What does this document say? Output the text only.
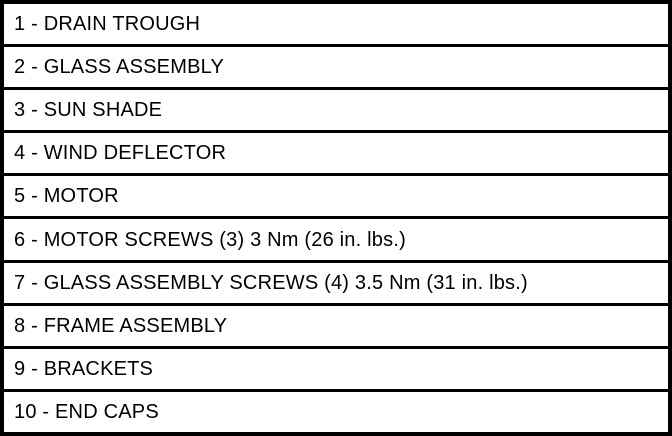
1 - DRAIN TROUGH
2 - GLASS ASSEMBLY
3 - SUN SHADE
4 - WIND DEFLECTOR
5 - MOTOR
6 - MOTOR SCREWS (3) 3 Nm (26 in. lbs.)
7 - GLASS ASSEMBLY SCREWS (4) 3.5 Nm (31 in. lbs.)
8 - FRAME ASSEMBLY
9 - BRACKETS
10 - END CAPS
